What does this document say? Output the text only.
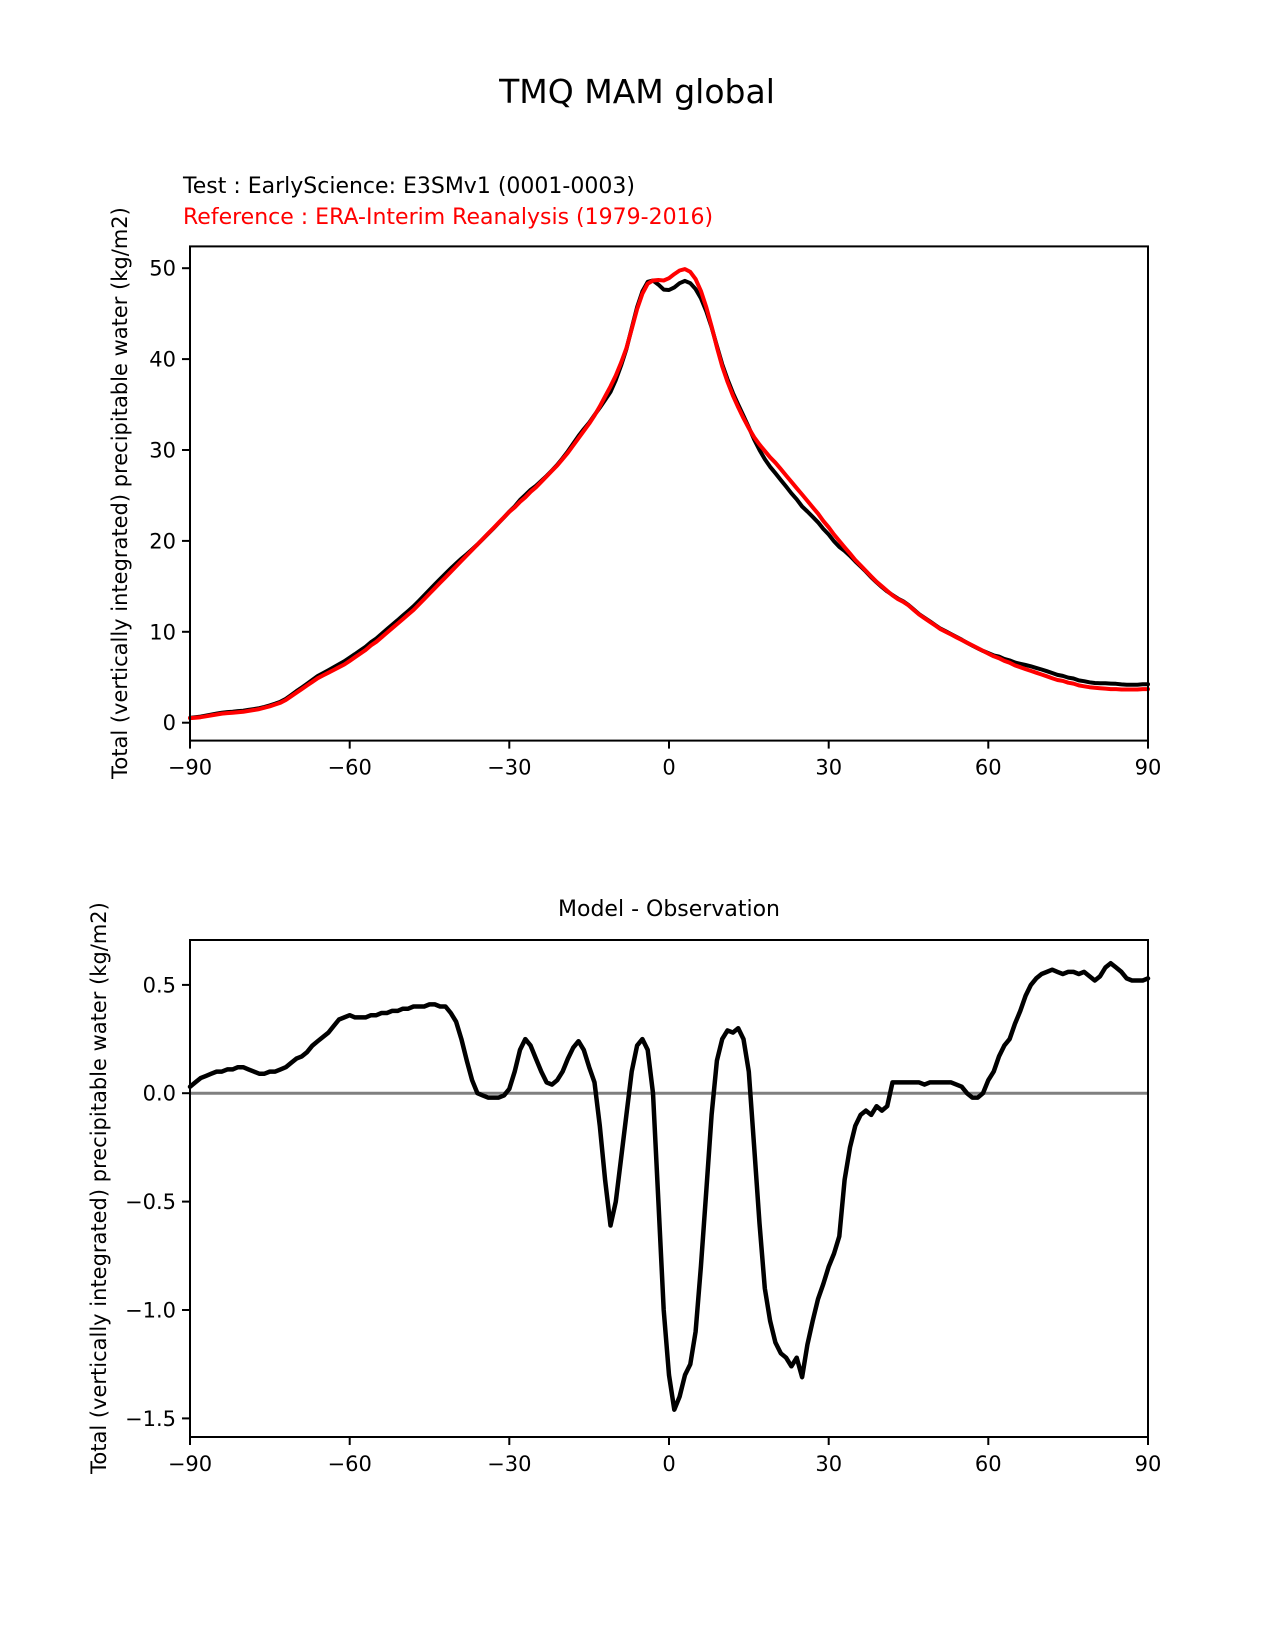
−90	−60	−30	0	30	60	90
0
10
20
30
40
50
−90	−60	−30	0	30	60	90
0.5
0.0
−0.5
−1.0
−1.5
TMQ MAM global
Test : EarlyScience: E3SMv1 (0001-0003)
Reference : ERA-Interim Reanalysis (1979-2016)
Total (vertically integrated) precipitable water (kg/m2)
Model - Observation
Total (vertically integrated) precipitable water (kg/m2)
